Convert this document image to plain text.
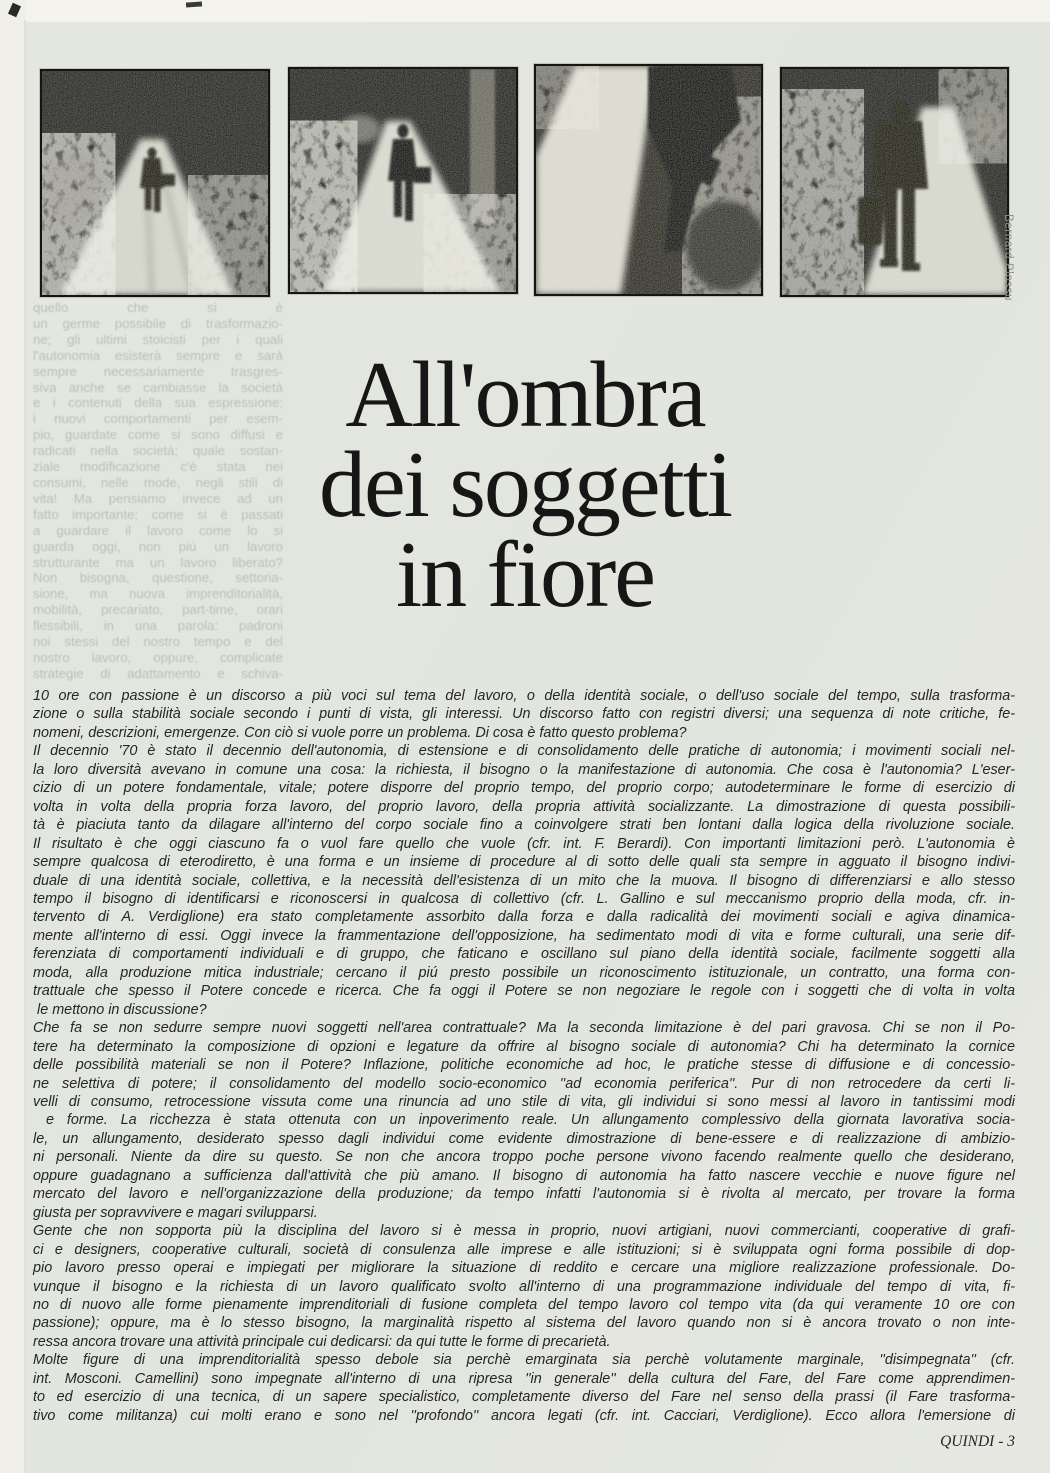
Bernard Plossu
quello che si è
un germe possibile di trasformazio-
ne; gli ultimi stoicisti per i quali
l'autonomia esisterà sempre e sarà
sempre necessariamente trasgres-
siva anche se cambiasse la società
e i contenuti della sua espressione;
i nuovi comportamenti per esem-
pio, guardate come si sono diffusi e
radicati nella società; quale sostan-
ziale modificazione c'è stata nei
consumi, nelle mode, negli stili di
vita! Ma pensiamo invece ad un
fatto importante; come si è passati
a guardare il lavoro come lo si
guarda oggi, non più un lavoro
strutturante ma un lavoro liberato?
Non bisogna, questione, settoria-
sione, ma nuova imprenditorialità,
mobilità, precariato, part-time, orari
flessibili, in una parola: padroni
noi stessi del nostro tempo e del
nostro lavoro, oppure, complicate
strategie di adattamento e schiva-
All'ombra
dei soggetti
in fiore
10 ore con passione è un discorso a più voci sul tema del lavoro, o della identità sociale, o dell'uso sociale del tempo, sulla trasforma-
zione o sulla stabilità sociale secondo i punti di vista, gli interessi. Un discorso fatto con registri diversi; una sequenza di note critiche, fe-
nomeni, descrizioni, emergenze. Con ciò si vuole porre un problema. Di cosa è fatto questo problema?
Il decennio '70 è stato il decennio dell'autonomia, di estensione e di consolidamento delle pratiche di autonomia; i movimenti sociali nel-
la loro diversità avevano in comune una cosa: la richiesta, il bisogno o la manifestazione di autonomia. Che cosa è l'autonomia? L'eser-
cizio di un potere fondamentale, vitale; potere disporre del proprio tempo, del proprio corpo; autodeterminare le forme di esercizio di
volta in volta della propria forza lavoro, del proprio lavoro, della propria attività socializzante. La dimostrazione di questa possibili-
tà è piaciuta tanto da dilagare all'interno del corpo sociale fino a coinvolgere strati ben lontani dalla logica della rivoluzione sociale.
Il risultato è che oggi ciascuno fa o vuol fare quello che vuole (cfr. int. F. Berardi). Con importanti limitazioni però. L'autonomia è
sempre qualcosa di eterodiretto, è una forma e un insieme di procedure al di sotto delle quali sta sempre in agguato il bisogno indivi-
duale di una identità sociale, collettiva, e la necessità dell'esistenza di un mito che la muova. Il bisogno di differenziarsi e allo stesso
tempo il bisogno di identificarsi e riconoscersi in qualcosa di collettivo (cfr. L. Gallino e sul meccanismo proprio della moda, cfr. in-
tervento di A. Verdiglione) era stato completamente assorbito dalla forza e dalla radicalità dei movimenti sociali e agiva dinamica-
mente all'interno di essi. Oggi invece la frammentazione dell'opposizione, ha sedimentato modi di vita e forme culturali, una serie dif-
ferenziata di comportamenti individuali e di gruppo, che faticano e oscillano sul piano della identità sociale, facilmente soggetti alla
moda, alla produzione mitica industriale; cercano il piú presto possibile un riconoscimento istituzionale, un contratto, una forma con-
trattuale che spesso il Potere concede e ricerca. Che fa oggi il Potere se non negoziare le regole con i soggetti che di volta in volta
le mettono in discussione?
Che fa se non sedurre sempre nuovi soggetti nell'area contrattuale? Ma la seconda limitazione è del pari gravosa. Chi se non il Po-
tere ha determinato la composizione di opzioni e legature da offrire al bisogno sociale di autonomia? Chi ha determinato la cornice
delle possibilità materiali se non il Potere? Inflazione, politiche economiche ad hoc, le pratiche stesse di diffusione e di concessio-
ne selettiva di potere; il consolidamento del modello socio-economico ''ad economia periferica''. Pur di non retrocedere da certi li-
velli di consumo, retrocessione vissuta come una rinuncia ad uno stile di vita, gli individui si sono messi al lavoro in tantissimi modi
e forme. La ricchezza è stata ottenuta con un inpoverimento reale. Un allungamento complessivo della giornata lavorativa socia-
le, un allungamento, desiderato spesso dagli individui come evidente dimostrazione di bene-essere e di realizzazione di ambizio-
ni personali. Niente da dire su questo. Se non che ancora troppo poche persone vivono facendo realmente quello che desiderano,
oppure guadagnano a sufficienza dall'attività che più amano. Il bisogno di autonomia ha fatto nascere vecchie e nuove figure nel
mercato del lavoro e nell'organizzazione della produzione; da tempo infatti l'autonomia si è rivolta al mercato, per trovare la forma
giusta per sopravvivere e magari svilupparsi.
Gente che non sopporta più la disciplina del lavoro si è messa in proprio, nuovi artigiani, nuovi commercianti, cooperative di grafi-
ci e designers, cooperative culturali, società di consulenza alle imprese e alle istituzioni; si è sviluppata ogni forma possibile di dop-
pio lavoro presso operai e impiegati per migliorare la situazione di reddito e cercare una migliore realizzazione professionale. Do-
vunque il bisogno e la richiesta di un lavoro qualificato svolto all'interno di una programmazione individuale del tempo di vita, fi-
no di nuovo alle forme pienamente imprenditoriali di fusione completa del tempo lavoro col tempo vita (da qui veramente 10 ore con
passione); oppure, ma è lo stesso bisogno, la marginalità rispetto al sistema del lavoro quando non si è ancora trovato o non inte-
ressa ancora trovare una attività principale cui dedicarsi: da qui tutte le forme di precarietà.
Molte figure di una imprenditorialità spesso debole sia perchè emarginata sia perchè volutamente marginale, ''disimpegnata'' (cfr.
int. Mosconi. Camellini) sono impegnate all'interno di una ripresa ''in generale'' della cultura del Fare, del Fare come apprendimen-
to ed esercizio di una tecnica, di un sapere specialistico, completamente diverso del Fare nel senso della prassi (il Fare trasforma-
tivo come militanza) cui molti erano e sono nel ''profondo'' ancora legati (cfr. int. Cacciari, Verdiglione). Ecco allora l'emersione di
QUINDI - 3
